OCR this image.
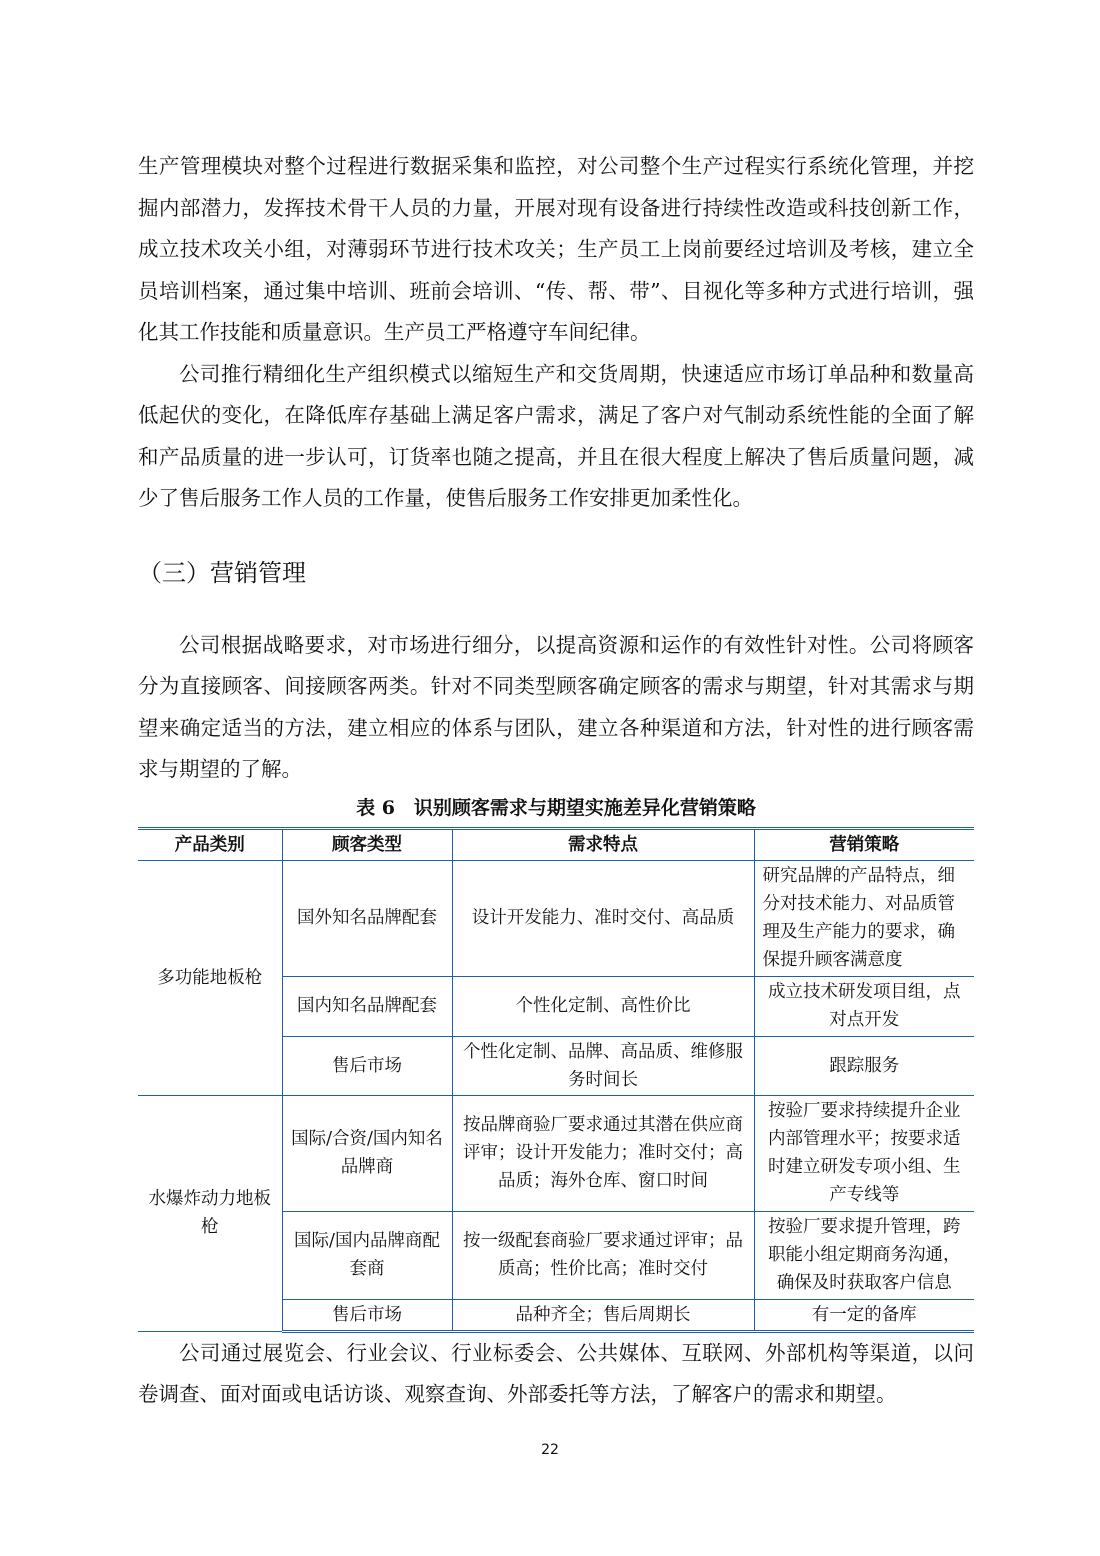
生产管理模块对整个过程进行数据采集和监控，对公司整个生产过程实行系统化管理，并挖掘内部潜力，发挥技术骨干人员的力量，开展对现有设备进行持续性改造或科技创新工作，成立技术攻关小组，对薄弱环节进行技术攻关；生产员工上岗前要经过培训及考核，建立全员培训档案，通过集中培训、班前会培训、“传、帮、带”、目视化等多种方式进行培训，强化其工作技能和质量意识。生产员工严格遵守车间纪律。

公司推行精细化生产组织模式以缩短生产和交货周期，快速适应市场订单品种和数量高低起伏的变化，在降低库存基础上满足客户需求，满足了客户对气制动系统性能的全面了解和产品质量的进一步认可，订货率也随之提高，并且在很大程度上解决了售后质量问题，减少了售后服务工作人员的工作量，使售后服务工作安排更加柔性化。

（三）营销管理

公司根据战略要求，对市场进行细分，以提高资源和运作的有效性针对性。公司将顾客分为直接顾客、间接顾客两类。针对不同类型顾客确定顾客的需求与期望，针对其需求与期望来确定适当的方法，建立相应的体系与团队，建立各种渠道和方法，针对性的进行顾客需求与期望的了解。

表 6　识别顾客需求与期望实施差异化营销策略
产品类别	顾客类型	需求特点	营销策略
多功能地板枪	国外知名品牌配套	设计开发能力、准时交付、高品质	研究品牌的产品特点，细分对技术能力、对品质管理及生产能力的要求，确保提升顾客满意度
	国内知名品牌配套	个性化定制、高性价比	成立技术研发项目组，点对点开发
	售后市场	个性化定制、品牌、高品质、维修服务时间长	跟踪服务
水爆炸动力地板枪	国际/合资/国内知名品牌商	按品牌商验厂要求通过其潜在供应商评审；设计开发能力；准时交付；高品质；海外仓库、窗口时间	按验厂要求持续提升企业内部管理水平；按要求适时建立研发专项小组、生产专线等
	国际/国内品牌商配套商	按一级配套商验厂要求通过评审；品质高；性价比高；准时交付	按验厂要求提升管理，跨职能小组定期商务沟通，确保及时获取客户信息
	售后市场	品种齐全；售后周期长	有一定的备库

公司通过展览会、行业会议、行业标委会、公共媒体、互联网、外部机构等渠道，以问卷调查、面对面或电话访谈、观察查询、外部委托等方法，了解客户的需求和期望。

22
